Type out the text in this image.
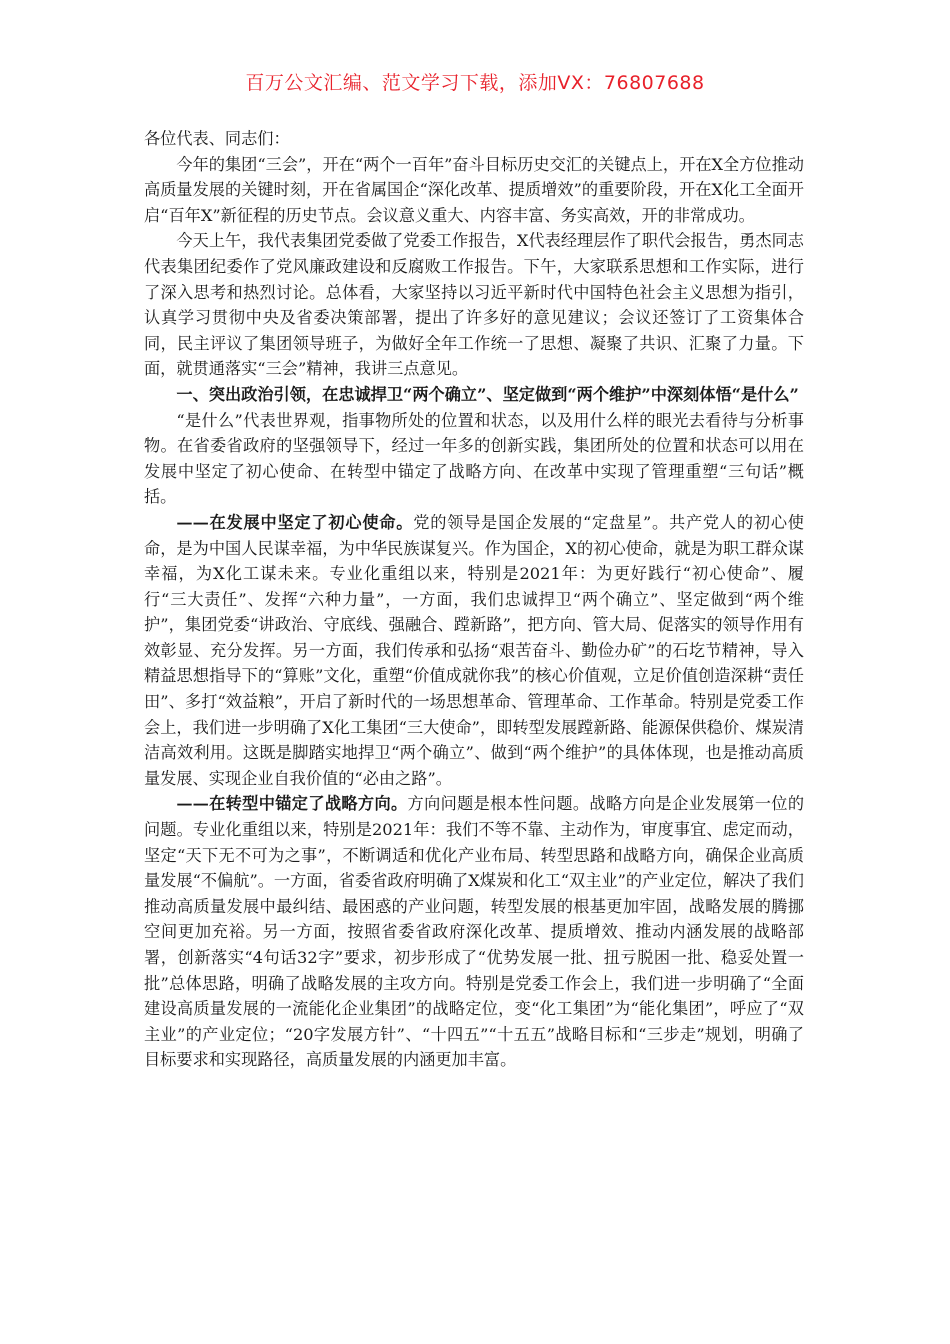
百万公文汇编、范文学习下载，添加VX：76807688

各位代表、同志们：

今年的集团“三会”，开在“两个一百年”奋斗目标历史交汇的关键点上，开在X全方位推动高质量发展的关键时刻，开在省属国企“深化改革、提质增效”的重要阶段，开在X化工全面开启“百年X”新征程的历史节点。会议意义重大、内容丰富、务实高效，开的非常成功。

今天上午，我代表集团党委做了党委工作报告，X代表经理层作了职代会报告，勇杰同志代表集团纪委作了党风廉政建设和反腐败工作报告。下午，大家联系思想和工作实际，进行了深入思考和热烈讨论。总体看，大家坚持以习近平新时代中国特色社会主义思想为指引，认真学习贯彻中央及省委决策部署，提出了许多好的意见建议；会议还签订了工资集体合同，民主评议了集团领导班子，为做好全年工作统一了思想、凝聚了共识、汇聚了力量。下面，就贯通落实“三会”精神，我讲三点意见。

一、突出政治引领，在忠诚捍卫“两个确立”、坚定做到“两个维护”中深刻体悟“是什么”

“是什么”代表世界观，指事物所处的位置和状态，以及用什么样的眼光去看待与分析事物。在省委省政府的坚强领导下，经过一年多的创新实践，集团所处的位置和状态可以用在发展中坚定了初心使命、在转型中锚定了战略方向、在改革中实现了管理重塑“三句话”概括。

——在发展中坚定了初心使命。党的领导是国企发展的“定盘星”。共产党人的初心使命，是为中国人民谋幸福，为中华民族谋复兴。作为国企，X的初心使命，就是为职工群众谋幸福，为X化工谋未来。专业化重组以来，特别是2021年：为更好践行“初心使命”、履行“三大责任”、发挥“六种力量”，一方面，我们忠诚捍卫“两个确立”、坚定做到“两个维护”，集团党委“讲政治、守底线、强融合、蹚新路”，把方向、管大局、促落实的领导作用有效彰显、充分发挥。另一方面，我们传承和弘扬“艰苦奋斗、勤俭办矿”的石圪节精神，导入精益思想指导下的“算账”文化，重塑“价值成就你我”的核心价值观，立足价值创造深耕“责任田”、多打“效益粮”，开启了新时代的一场思想革命、管理革命、工作革命。特别是党委工作会上，我们进一步明确了X化工集团“三大使命”，即转型发展蹚新路、能源保供稳价、煤炭清洁高效利用。这既是脚踏实地捍卫“两个确立”、做到“两个维护”的具体体现，也是推动高质量发展、实现企业自我价值的“必由之路”。

——在转型中锚定了战略方向。方向问题是根本性问题。战略方向是企业发展第一位的问题。专业化重组以来，特别是2021年：我们不等不靠、主动作为，审度事宜、虑定而动，坚定“天下无不可为之事”，不断调适和优化产业布局、转型思路和战略方向，确保企业高质量发展“不偏航”。一方面，省委省政府明确了X煤炭和化工“双主业”的产业定位，解决了我们推动高质量发展中最纠结、最困惑的产业问题，转型发展的根基更加牢固，战略发展的腾挪空间更加充裕。另一方面，按照省委省政府深化改革、提质增效、推动内涵发展的战略部署，创新落实“4句话32字”要求，初步形成了“优势发展一批、扭亏脱困一批、稳妥处置一批”总体思路，明确了战略发展的主攻方向。特别是党委工作会上，我们进一步明确了“全面建设高质量发展的一流能化企业集团”的战略定位，变“化工集团”为“能化集团”，呼应了“双主业”的产业定位；“20字发展方针”、“十四五”“十五五”战略目标和“三步走”规划，明确了目标要求和实现路径，高质量发展的内涵更加丰富。
